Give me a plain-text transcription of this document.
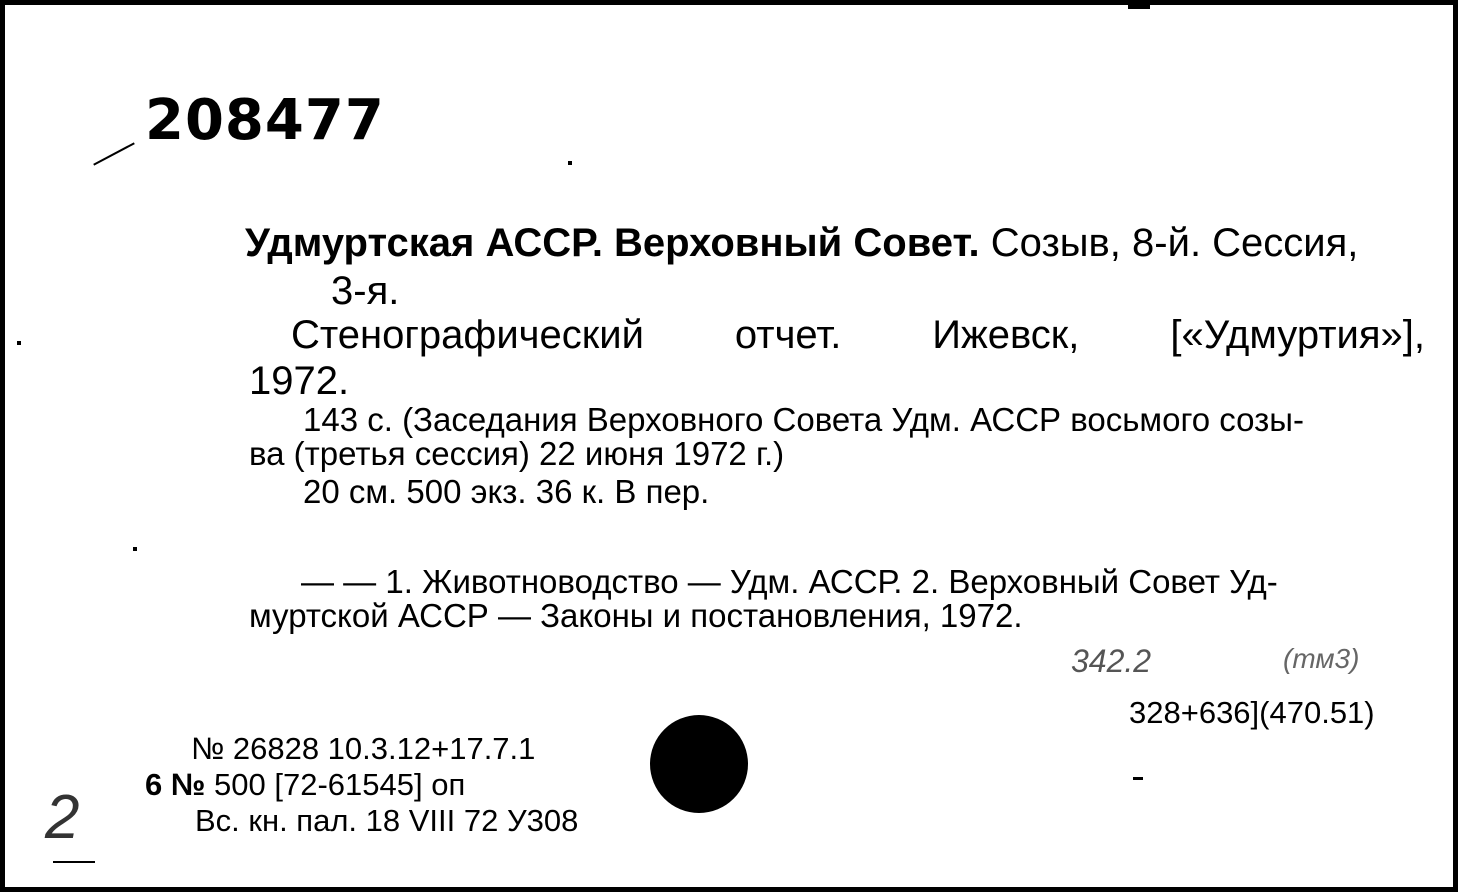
208477
Удмуртская АССР. Верховный Совет. Созыв, 8-й. Сессия,
3-я.
Стенографический отчет. Ижевск, [«Удмуртия»],
1972.
143 с. (Заседания Верховного Совета Удм. АССР восьмого созы-
ва (третья сессия) 22 июня 1972 г.)
20 см. 500 экз. 36 к. В пер.
— — 1. Животноводство — Удм. АССР. 2. Верховный Совет Уд-
муртской АССР — Законы и постановления, 1972.
342.2	(тм3)
328+636](470.51)
№ 26828 10.3.12+17.7.1
6 № 500 [72-61545] оп
Вс. кн. пал. 18 VIII 72 У308
2
